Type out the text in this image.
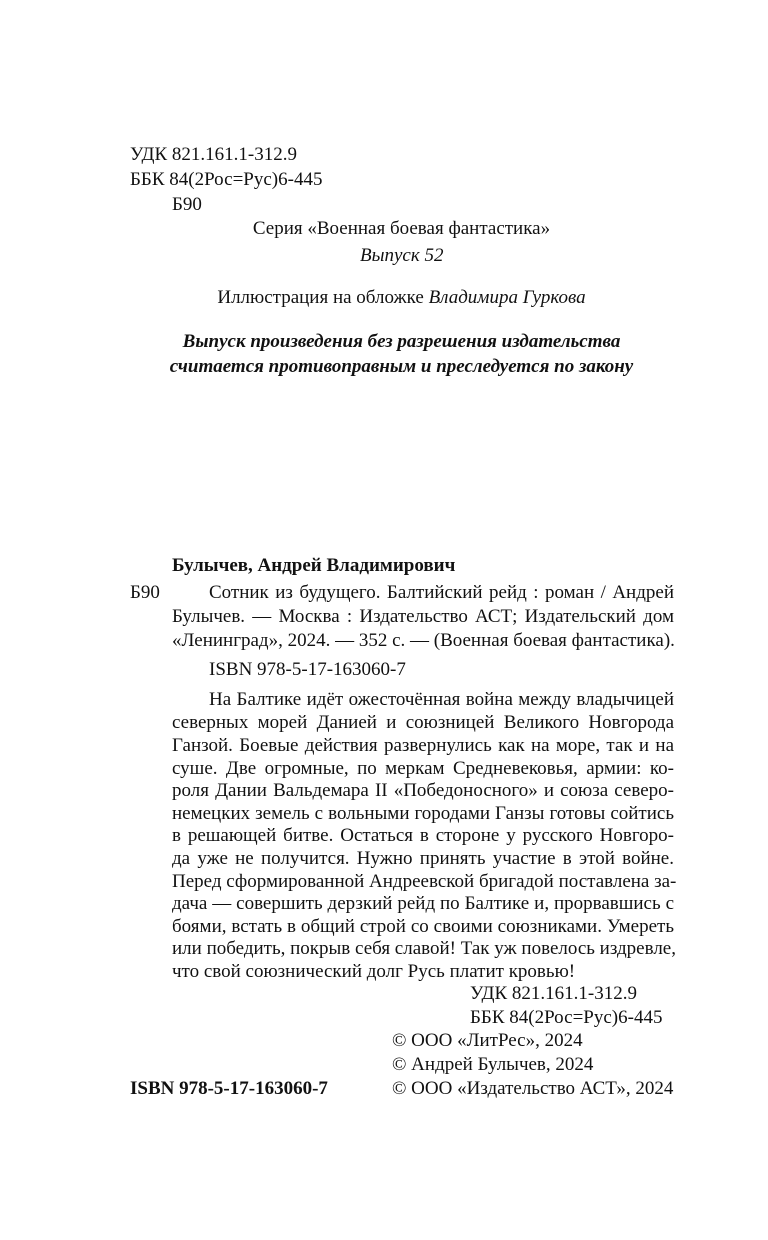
УДК 821.161.1-312.9
ББК 84(2Рос=Рус)6-445
Б90
Серия «Военная боевая фантастика»
Выпуск 52
Иллюстрация на обложке Владимира Гуркова
Выпуск произведения без разрешения издательства
считается противоправным и преследуется по закону
Булычев, Андрей Владимирович
Б90	Сотник из будущего. Балтийский рейд : роман / Андрей
Булычев. — Москва : Издательство АСТ; Издательский дом
«Ленинград», 2024. — 352 с. — (Военная боевая фантастика).
ISBN 978-5-17-163060-7
На Балтике идёт ожесточённая война между владычицей
северных морей Данией и союзницей Великого Новгорода
Ганзой. Боевые действия развернулись как на море, так и на
суше. Две огромные, по меркам Средневековья, армии: ко-
роля Дании Вальдемара II «Победоносного» и союза северо-
немецких земель с вольными городами Ганзы готовы сойтись
в решающей битве. Остаться в стороне у русского Новгоро-
да уже не получится. Нужно принять участие в этой войне.
Перед сформированной Андреевской бригадой поставлена за-
дача — совершить дерзкий рейд по Балтике и, прорвавшись с
боями, встать в общий строй со своими союзниками. Умереть
или победить, покрыв себя славой! Так уж повелось издревле,
что свой союзнический долг Русь платит кровью!
УДК 821.161.1-312.9
ББК 84(2Рос=Рус)6-445
© ООО «ЛитРес», 2024
© Андрей Булычев, 2024
ISBN 978-5-17-163060-7	© ООО «Издательство АСТ», 2024
